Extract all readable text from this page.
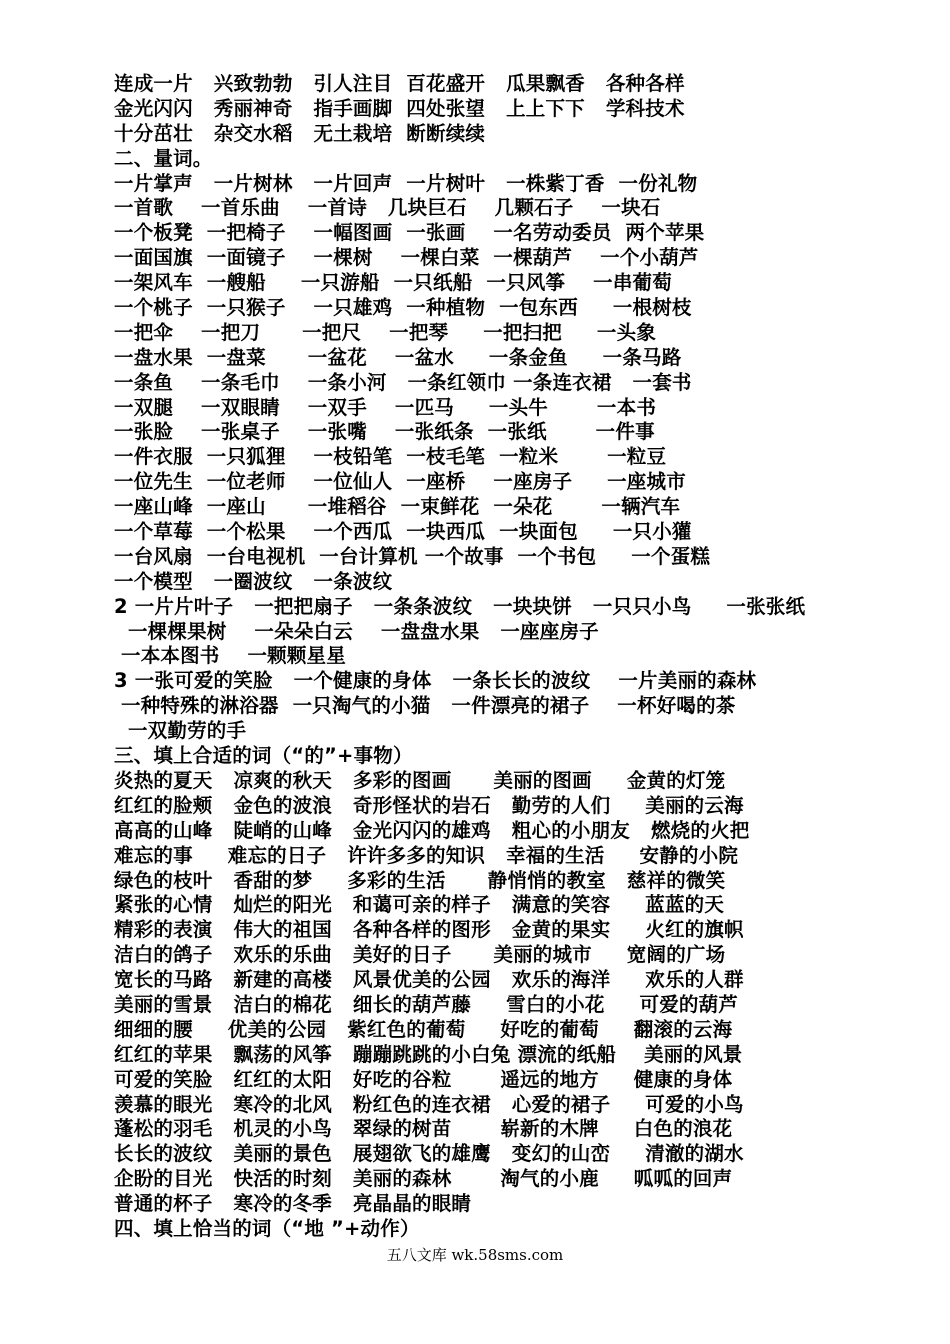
连成一片   兴致勃勃   引人注目  百花盛开   瓜果飘香   各种各样
金光闪闪   秀丽神奇   指手画脚  四处张望   上上下下   学科技术
十分茁壮   杂交水稻   无土栽培  断断续续
二、量词。
一片掌声   一片树林   一片回声  一片树叶   一株紫丁香  一份礼物
一首歌    一首乐曲    一首诗   几块巨石    几颗石子    一块石
一个板凳  一把椅子    一幅图画  一张画    一名劳动委员  两个苹果
一面国旗  一面镜子    一棵树    一棵白菜  一棵葫芦    一个小葫芦
一架风车  一艘船     一只游船  一只纸船  一只风筝    一串葡萄
一个桃子  一只猴子    一只雄鸡  一种植物  一包东西     一根树枝
一把伞    一把刀      一把尺    一把琴     一把扫把     一头象
一盘水果  一盘菜      一盆花    一盆水     一条金鱼     一条马路
一条鱼    一条毛巾    一条小河   一条红领巾 一条连衣裙   一套书
一双腿    一双眼睛    一双手    一匹马     一头牛       一本书
一张脸    一张桌子    一张嘴    一张纸条  一张纸       一件事
一件衣服  一只狐狸    一枝铅笔  一枝毛笔  一粒米       一粒豆
一位先生  一位老师    一位仙人  一座桥    一座房子     一座城市
一座山峰  一座山      一堆稻谷  一束鲜花  一朵花       一辆汽车
一个草莓  一个松果    一个西瓜  一块西瓜  一块面包     一只小獾
一台风扇  一台电视机  一台计算机 一个故事  一个书包     一个蛋糕
一个模型   一圈波纹   一条波纹
2 一片片叶子   一把把扇子   一条条波纹   一块块饼   一只只小鸟     一张张纸
一棵棵果树    一朵朵白云    一盘盘水果   一座座房子
一本本图书    一颗颗星星
3 一张可爱的笑脸   一个健康的身体   一条长长的波纹    一片美丽的森林
一种特殊的淋浴器  一只淘气的小猫   一件漂亮的裙子    一杯好喝的茶
一双勤劳的手
三、填上合适的词（“的”+事物）
炎热的夏天   凉爽的秋天   多彩的图画      美丽的图画     金黄的灯笼
红红的脸颊   金色的波浪   奇形怪状的岩石   勤劳的人们     美丽的云海
高高的山峰   陡峭的山峰   金光闪闪的雄鸡   粗心的小朋友   燃烧的火把
难忘的事     难忘的日子   许许多多的知识   幸福的生活     安静的小院
绿色的枝叶   香甜的梦     多彩的生活      静悄悄的教室   慈祥的微笑
紧张的心情   灿烂的阳光   和蔼可亲的样子   满意的笑容     蓝蓝的天
精彩的表演   伟大的祖国   各种各样的图形   金黄的果实     火红的旗帜
洁白的鸽子   欢乐的乐曲   美好的日子      美丽的城市     宽阔的广场
宽长的马路   新建的高楼   风景优美的公园   欢乐的海洋     欢乐的人群
美丽的雪景   洁白的棉花   细长的葫芦藤     雪白的小花     可爱的葫芦
细细的腰     优美的公园   紫红色的葡萄     好吃的葡萄     翻滚的云海
红红的苹果   飘荡的风筝   蹦蹦跳跳的小白兔 漂流的纸船    美丽的风景
可爱的笑脸   红红的太阳   好吃的谷粒       遥远的地方     健康的身体
羡慕的眼光   寒冷的北风   粉红色的连衣裙   心爱的裙子     可爱的小鸟
蓬松的羽毛   机灵的小鸟   翠绿的树苗       崭新的木牌     白色的浪花
长长的波纹   美丽的景色   展翅欲飞的雄鹰   变幻的山峦     清澈的湖水
企盼的目光   快活的时刻   美丽的森林       淘气的小鹿     呱呱的回声
普通的杯子   寒冷的冬季   亮晶晶的眼睛
四、填上恰当的词（“地 ”+动作）
五八文库 wk.58sms.com
